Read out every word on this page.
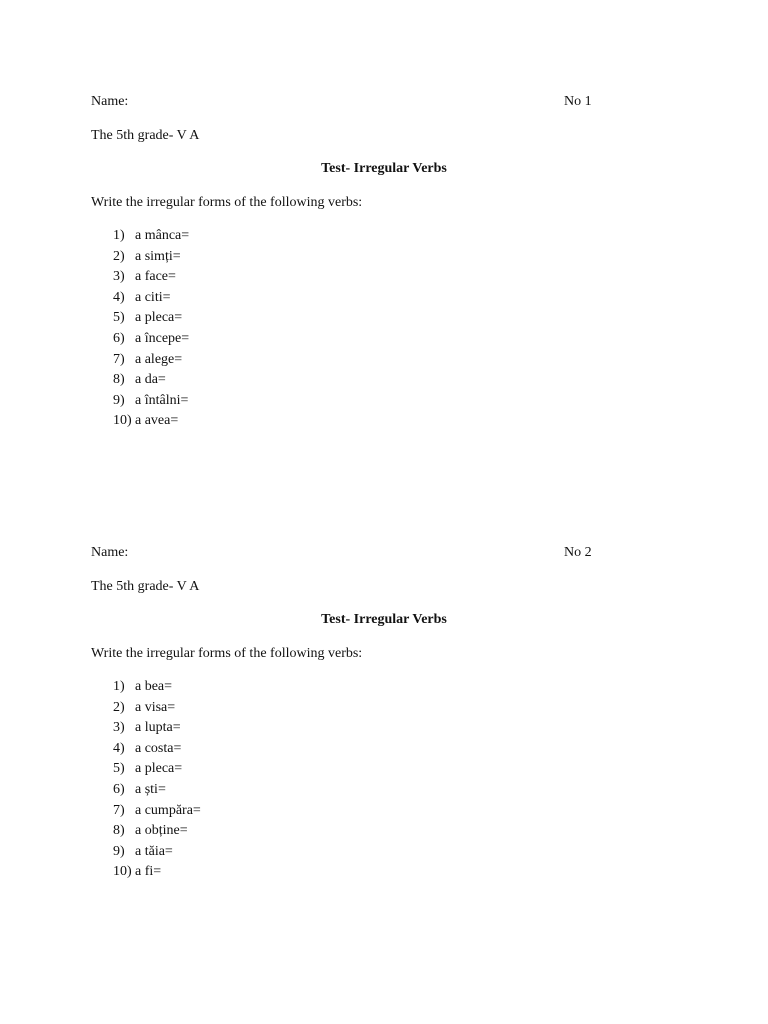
Name:	No 1
The 5th grade- V A
Test- Irregular Verbs
Write the irregular forms of the following verbs:
1) a mânca=
2) a simți=
3) a face=
4) a citi=
5) a pleca=
6) a începe=
7) a alege=
8) a da=
9) a întâlni=
10) a avea=
Name:	No 2
The 5th grade- V A
Test- Irregular Verbs
Write the irregular forms of the following verbs:
1) a bea=
2) a visa=
3) a lupta=
4) a costa=
5) a pleca=
6) a ști=
7) a cumpăra=
8) a obține=
9) a tăia=
10) a fi=
